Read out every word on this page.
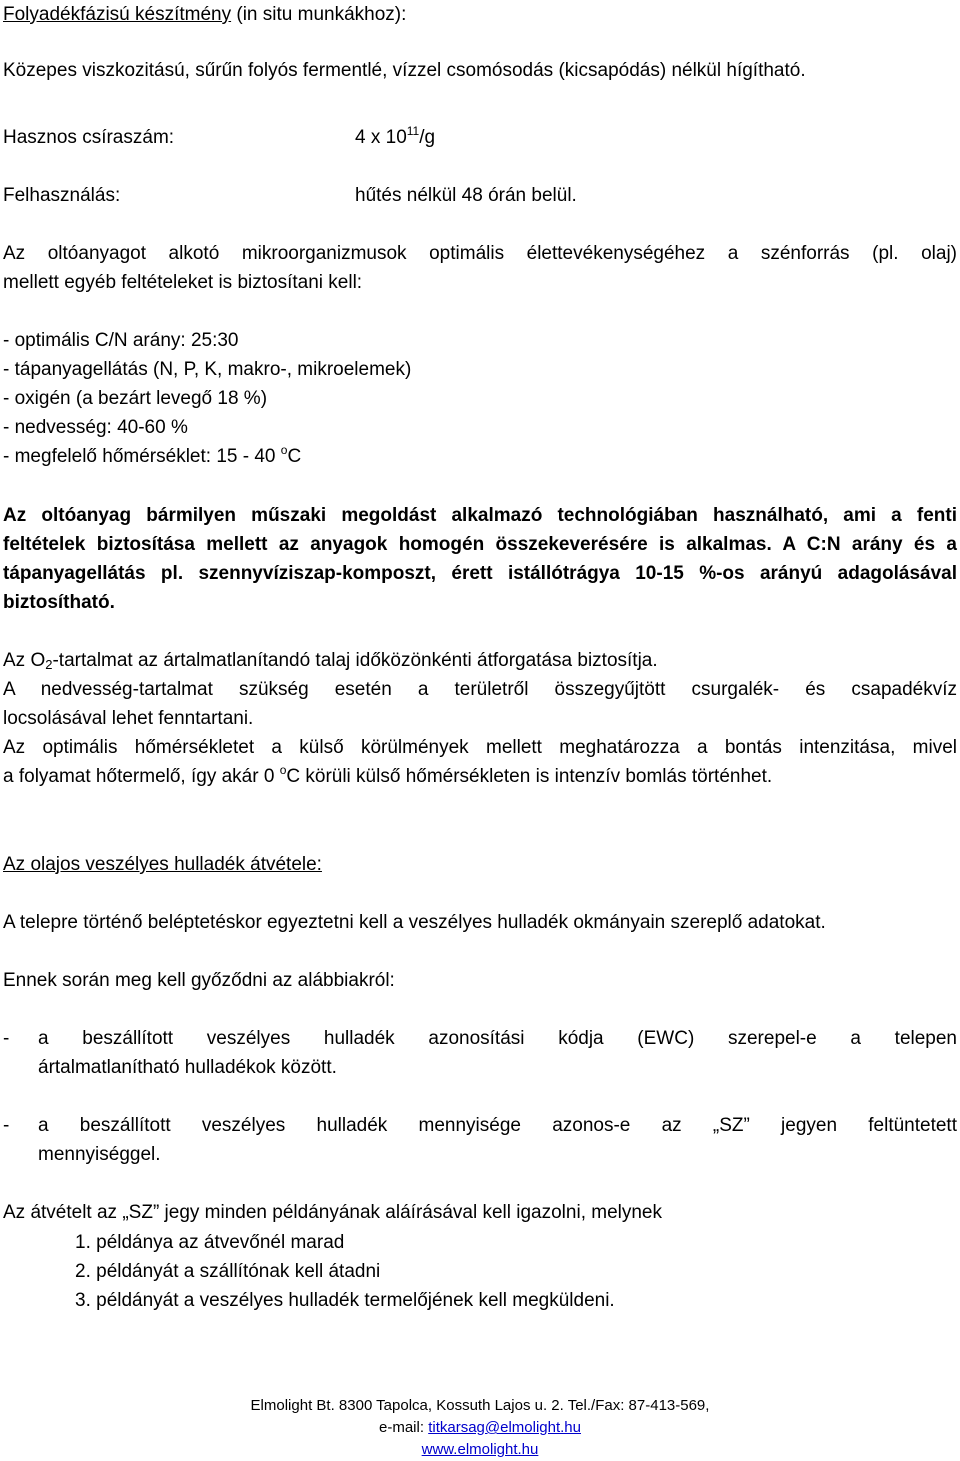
Folyadékfázisú készítmény (in situ munkákhoz):
Közepes viszkozitású, sűrűn folyós fermentlé, vízzel csomósodás (kicsapódás) nélkül hígítható.
Hasznos csíraszám:	4 x $10^{11}/g$
Felhasználás:	hűtés nélkül 48 órán belül.
Az oltóanyagot alkotó mikroorganizmusok optimális élettevékenységéhez a szénforrás (pl. olaj)
mellett egyéb feltételeket is biztosítani kell:
- optimális C/N arány: 25:30
- tápanyagellátás (N, P, K, makro-, mikroelemek)
- oxigén (a bezárt levegő 18 %)
- nedvesség: 40-60 %
- megfelelő hőmérséklet: 15 - 40 $^o$C
Az oltóanyag bármilyen műszaki megoldást alkalmazó technológiában használható, ami a fenti
feltételek biztosítása mellett az anyagok homogén összekeverésére is alkalmas. A C:N arány és a
tápanyagellátás pl. szennyvíziszap-komposzt, érett istállótrágya 10-15 %-os arányú adagolásával
biztosítható.
Az $O_2$-tartalmat az ártalmatlanítandó talaj időközönkénti átforgatása biztosítja.
A nedvesség-tartalmat szükség esetén a területről összegyűjtött csurgalék- és csapadékvíz
locsolásával lehet fenntartani.
Az optimális hőmérsékletet a külső körülmények mellett meghatározza a bontás intenzitása, mivel
a folyamat hőtermelő, így akár 0 $^o$C körüli külső hőmérsékleten is intenzív bomlás történhet.
Az olajos veszélyes hulladék átvétele:
A telepre történő beléptetéskor egyeztetni kell a veszélyes hulladék okmányain szereplő adatokat.
Ennek során meg kell győződni az alábbiakról:
-	a beszállított veszélyes hulladék azonosítási kódja (EWC) szerepel-e a telepen
ártalmatlanítható hulladékok között.
-	a beszállított veszélyes hulladék mennyisége azonos-e az „SZ” jegyen feltüntetett
mennyiséggel.
Az átvételt az „SZ” jegy minden példányának aláírásával kell igazolni, melynek
1. példánya az átvevőnél marad
2. példányát a szállítónak kell átadni
3. példányát a veszélyes hulladék termelőjének kell megküldeni.
Elmolight Bt. 8300 Tapolca, Kossuth Lajos u. 2. Tel./Fax: 87-413-569,
e-mail: titkarsag@elmolight.hu
www.elmolight.hu
